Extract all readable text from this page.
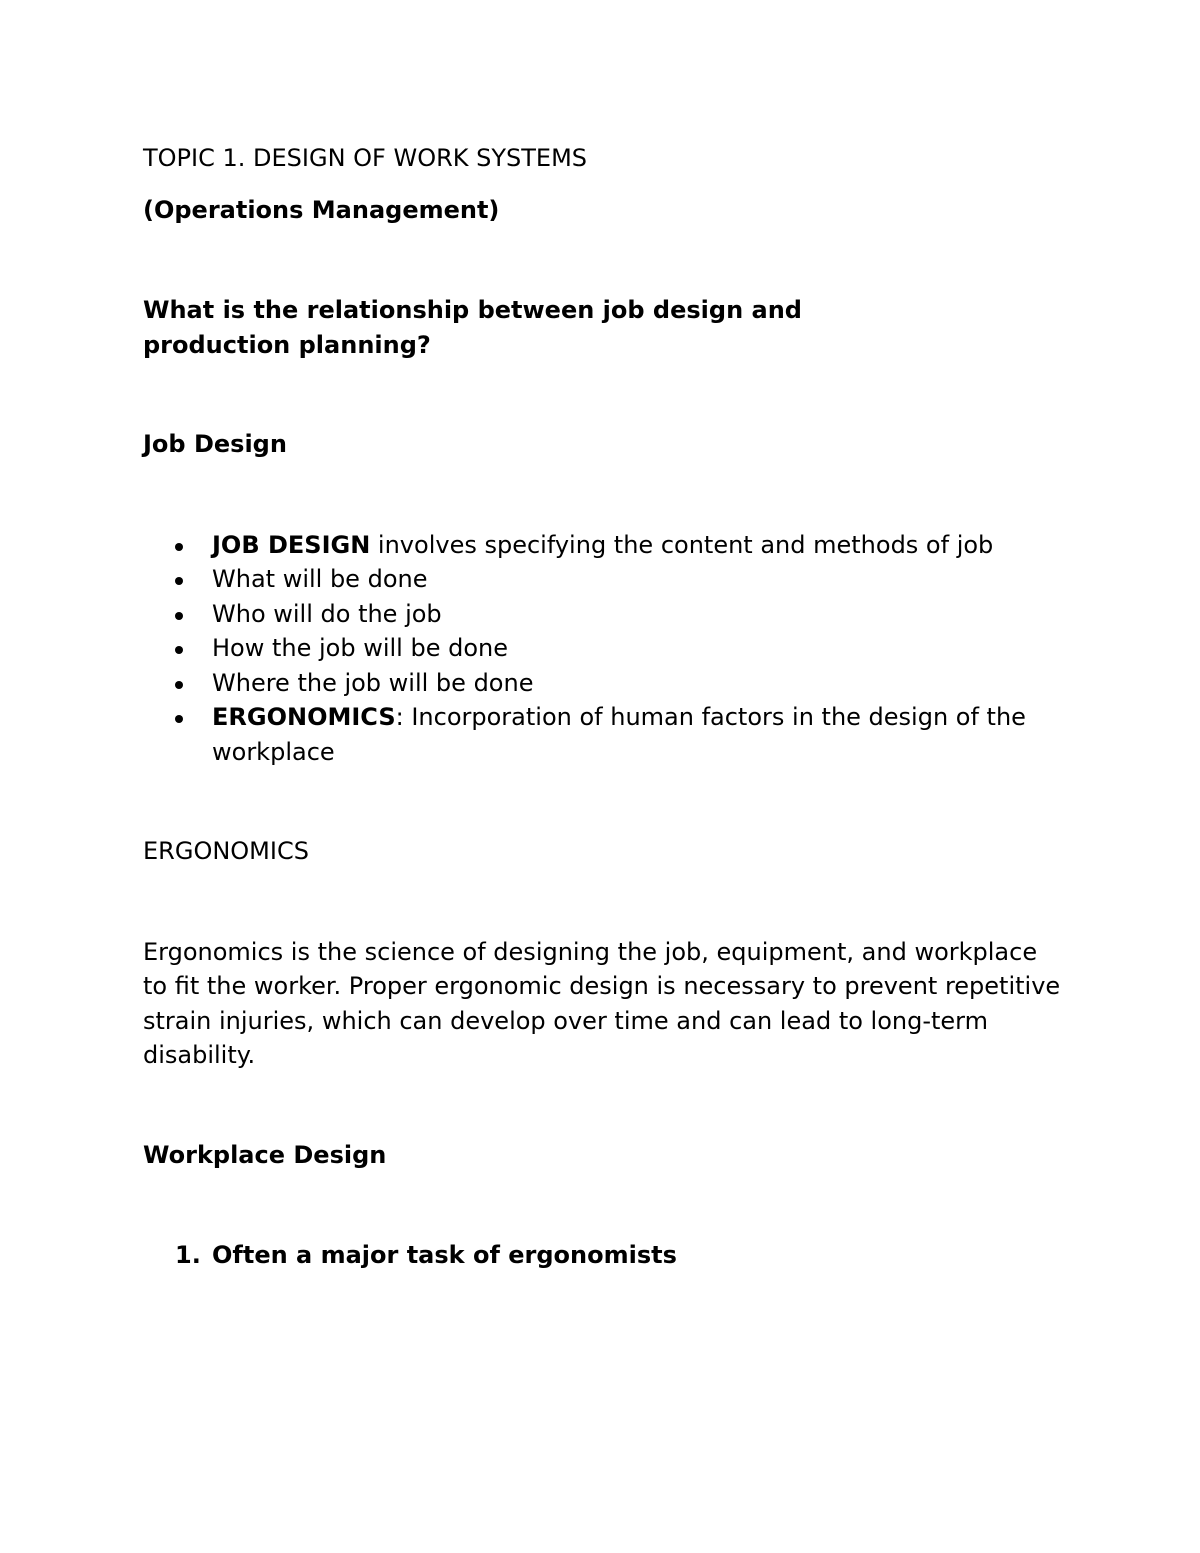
TOPIC 1. DESIGN OF WORK SYSTEMS
(Operations Management)
What is the relationship between job design and production planning?
Job Design
JOB DESIGN involves specifying the content and methods of job
What will be done
Who will do the job
How the job will be done
Where the job will be done
ERGONOMICS: Incorporation of human factors in the design of the workplace
ERGONOMICS
Ergonomics is the science of designing the job, equipment, and workplace to fit the worker. Proper ergonomic design is necessary to prevent repetitive strain injuries, which can develop over time and can lead to long-term disability.
Workplace Design
1. Often a major task of ergonomists
